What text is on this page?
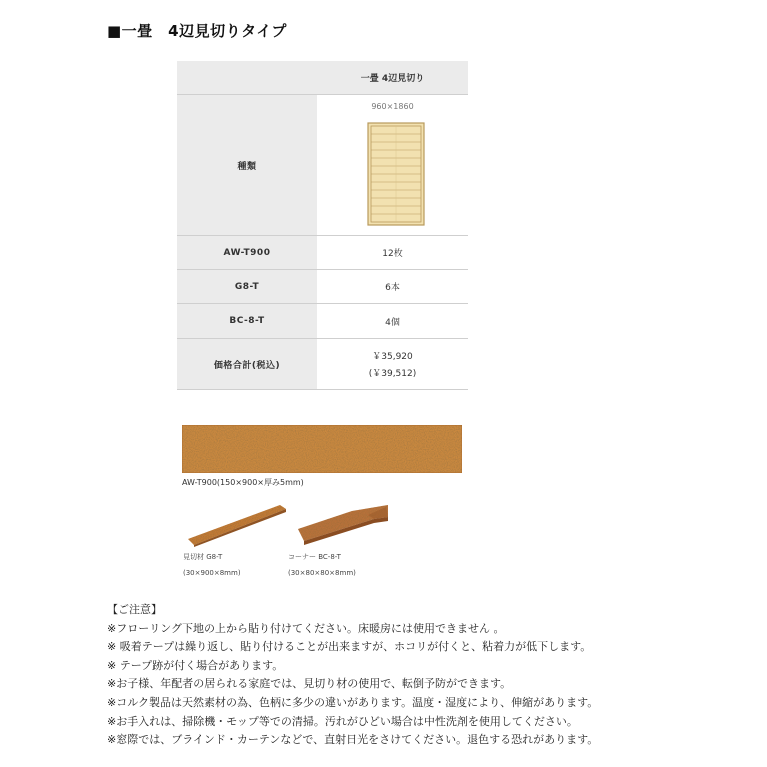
■一畳　4辺見切りタイプ
	一畳 4辺見切り
種類	960×1860

AW-T900	12枚
G8-T	6本
BC-8-T	4個
価格合計(税込)	￥35,920
(￥39,512)
AW-T900(150×900×厚み5mm)
見切材 G8-T
(30×900×8mm)
コーナー BC-8-T
(30×80×80×8mm)
【ご注意】
※フローリング下地の上から貼り付けてください。床暖房には使用できません 。
※ 吸着テープは繰り返し、貼り付けることが出来ますが、ホコリが付くと、粘着力が低下します。
※ テープ跡が付く場合があります。
※お子様、年配者の居られる家庭では、見切り材の使用で、転倒予防ができます。
※コルク製品は天然素材の為、色柄に多少の違いがあります。温度・湿度により、伸縮があります。
※お手入れは、掃除機・モップ等での清掃。汚れがひどい場合は中性洗剤を使用してください。
※窓際では、ブラインド・カーテンなどで、直射日光をさけてください。退色する恐れがあります。
